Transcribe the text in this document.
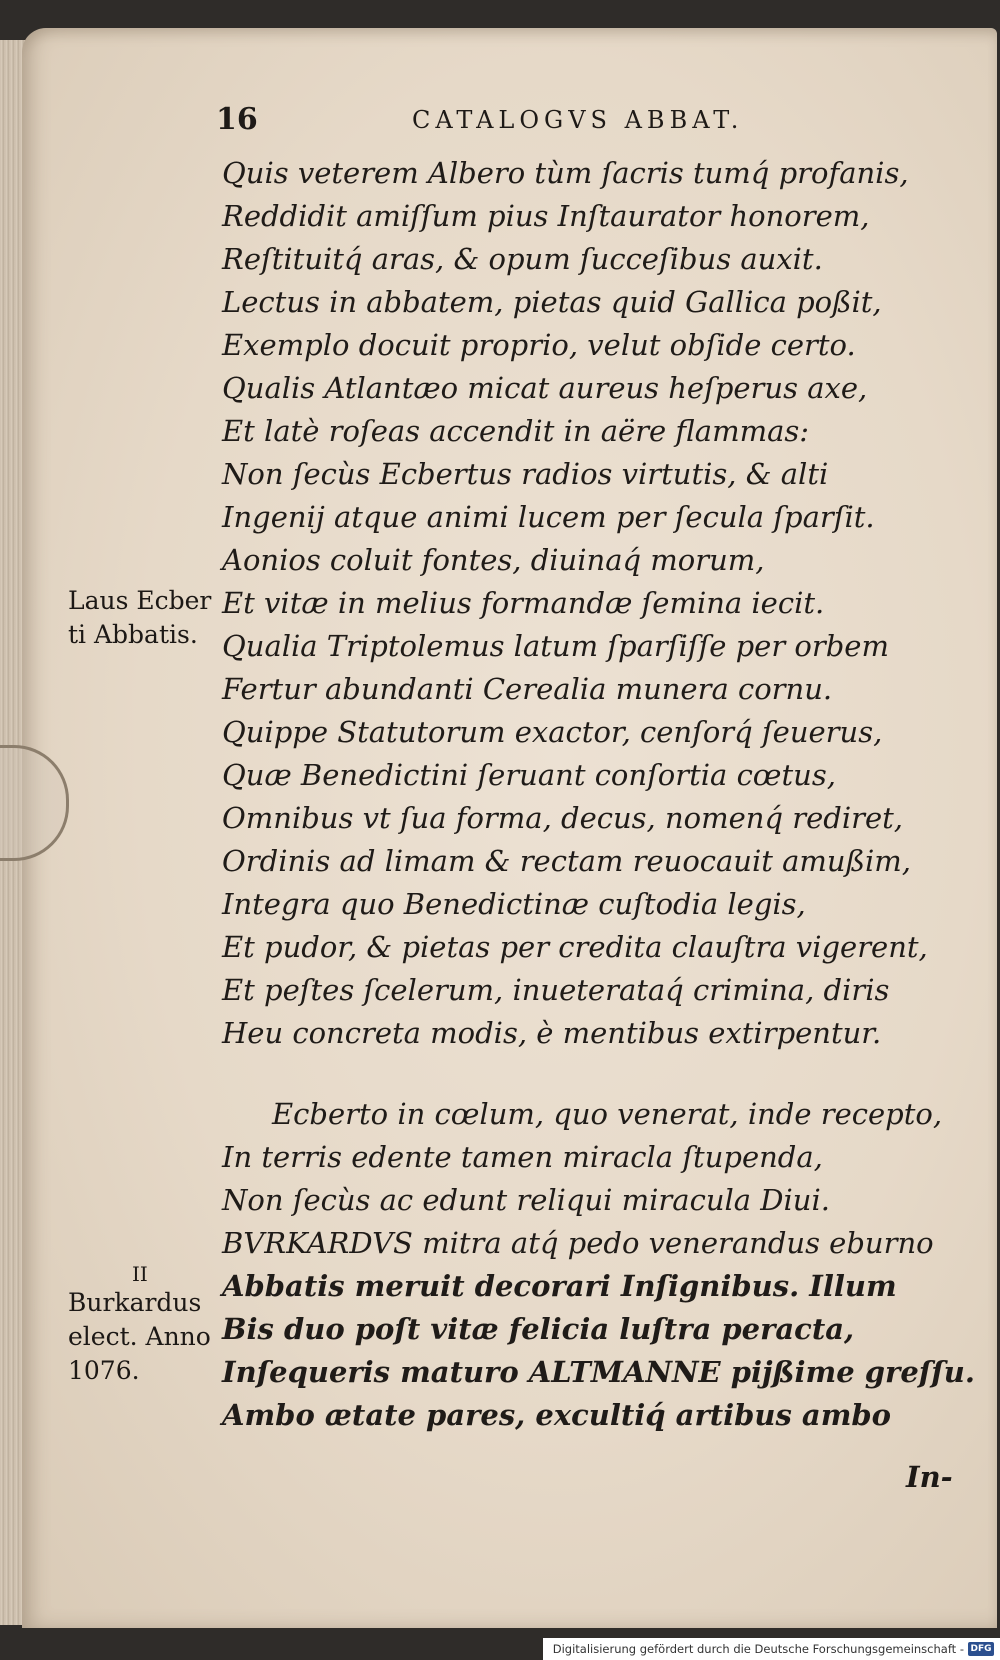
16	CATALOGVS ABBAT.
Quis veterem Albero tùm ſacris tumq́ profanis,
Reddidit amiſſum pius Inſtaurator honorem,
Reſtituitq́ aras, & opum ſucceſibus auxit.
Lectus in abbatem, pietas quid Gallica poßit,
Exemplo docuit proprio, velut obſide certo.
Qualis Atlantæo micat aureus heſperus axe,
Et latè roſeas accendit in aëre flammas:
Non ſecùs Ecbertus radios virtutis, & alti
Ingenij atque animi lucem per ſecula ſparſit.
Aonios coluit fontes, diuinaq́ morum,
Et vitæ in melius formandæ ſemina iecit.
Qualia Triptolemus latum ſparſiſſe per orbem
Fertur abundanti Cerealia munera cornu.
Quippe Statutorum exactor, cenſorq́ ſeuerus,
Quæ Benedictini ſeruant conſortia cœtus,
Omnibus vt ſua forma, decus, nomenq́ rediret,
Ordinis ad limam & rectam reuocauit amußim,
Integra quo Benedictinæ cuſtodia legis,
Et pudor, & pietas per credita clauſtra vigerent,
Et peſtes ſcelerum, inueterataq́ crimina, diris
Heu concreta modis, è mentibus extirpentur.
Ecberto in cœlum, quo venerat, inde recepto,
In terris edente tamen miracla ſtupenda,
Non ſecùs ac edunt reliqui miracula Diui.
BVRKARDVS mitra atq́ pedo venerandus eburno
Abbatis meruit decorari Inſignibus. Illum
Bis duo poſt vitæ felicia luſtra peracta,
Inſequeris maturo ALTMANNE pijßime greſſu.
Ambo ætate pares, excultiq́ artibus ambo
Laus Ecber
ti Abbatis.
II
Burkardus
elect. Anno
1076.
In-
Digitalisierung gefördert durch die Deutsche Forschungsgemeinschaft - DFG
